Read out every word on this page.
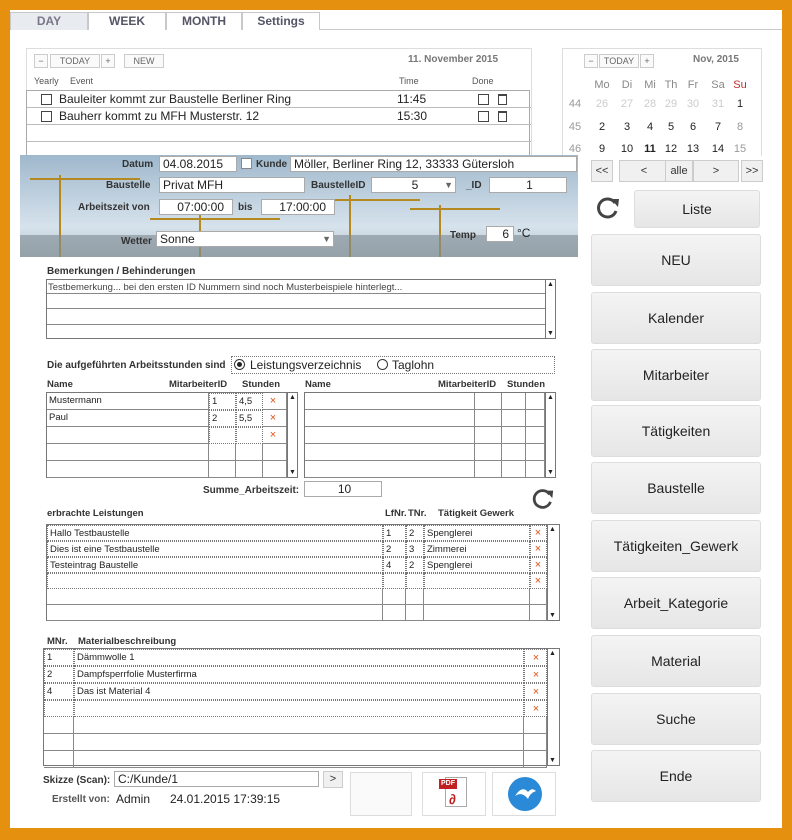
DAY	WEEK	MONTH	Settings
−	TODAY	+	NEW	11. November 2015
Yearly Event	Time	Done
Bauleiter kommt zur Baustelle Berliner Ring	11:45
Bauherr kommt zu MFH Musterstr. 12	15:30
−	TODAY	+	Nov, 2015
<<	<	alle	>	>>
Liste
NEU
Kalender
Mitarbeiter
Tätigkeiten
Baustelle
Tätigkeiten_Gewerk
Arbeit_Kategorie
Material
Suche
Ende
Datum 04.08.2015	Kunde Möller, Berliner Ring 12, 33333 Gütersloh
Baustelle	Privat MFH	BaustelleID	5	▼ _ID	1
Arbeitszeit von	07:00:00	bis	17:00:00
Wetter Sonne	▼	Temp	6 °C
Bemerkungen / Behinderungen
Testbemerkung... bei den ersten ID Nummern sind noch Musterbeispiele hinterlegt...	▲
▼
Die aufgeführten Arbeitsstunden sind Leistungsverzeichnis	Taglohn
Name	MitarbeiterID Stunden	Name	MitarbeiterID Stunden
Mustermann	1	4,5	×
Paul	2	5,5	×
×
▲
▼
▲
▼
Summe_Arbeitszeit:	10
erbrachte Leistungen	LfNr. TNr. Tätigkeit Gewerk
Hallo Testbaustelle	1	2	Spenglerei	×
Dies ist eine Testbaustelle	2	3	Zimmerei	×
Testeintrag Baustelle	4	2	Spenglerei	×
×
▲
▼
MNr. Materialbeschreibung
1	Dämmwolle 1	×
2	Dampfsperrfolie Musterfirma	×
4	Das ist Material 4	×
×
▲
▼
Skizze (Scan): C:/Kunde/1	>
Erstellt von: Admin 24.01.2015 17:39:15
PDF
∂
Mo	Di	Mi Th Fr	Sa Su
44	26	27 28 29 30	31	1
45	2	3	4	5	6	7	8
46	9	10	11 12 13	14 15
